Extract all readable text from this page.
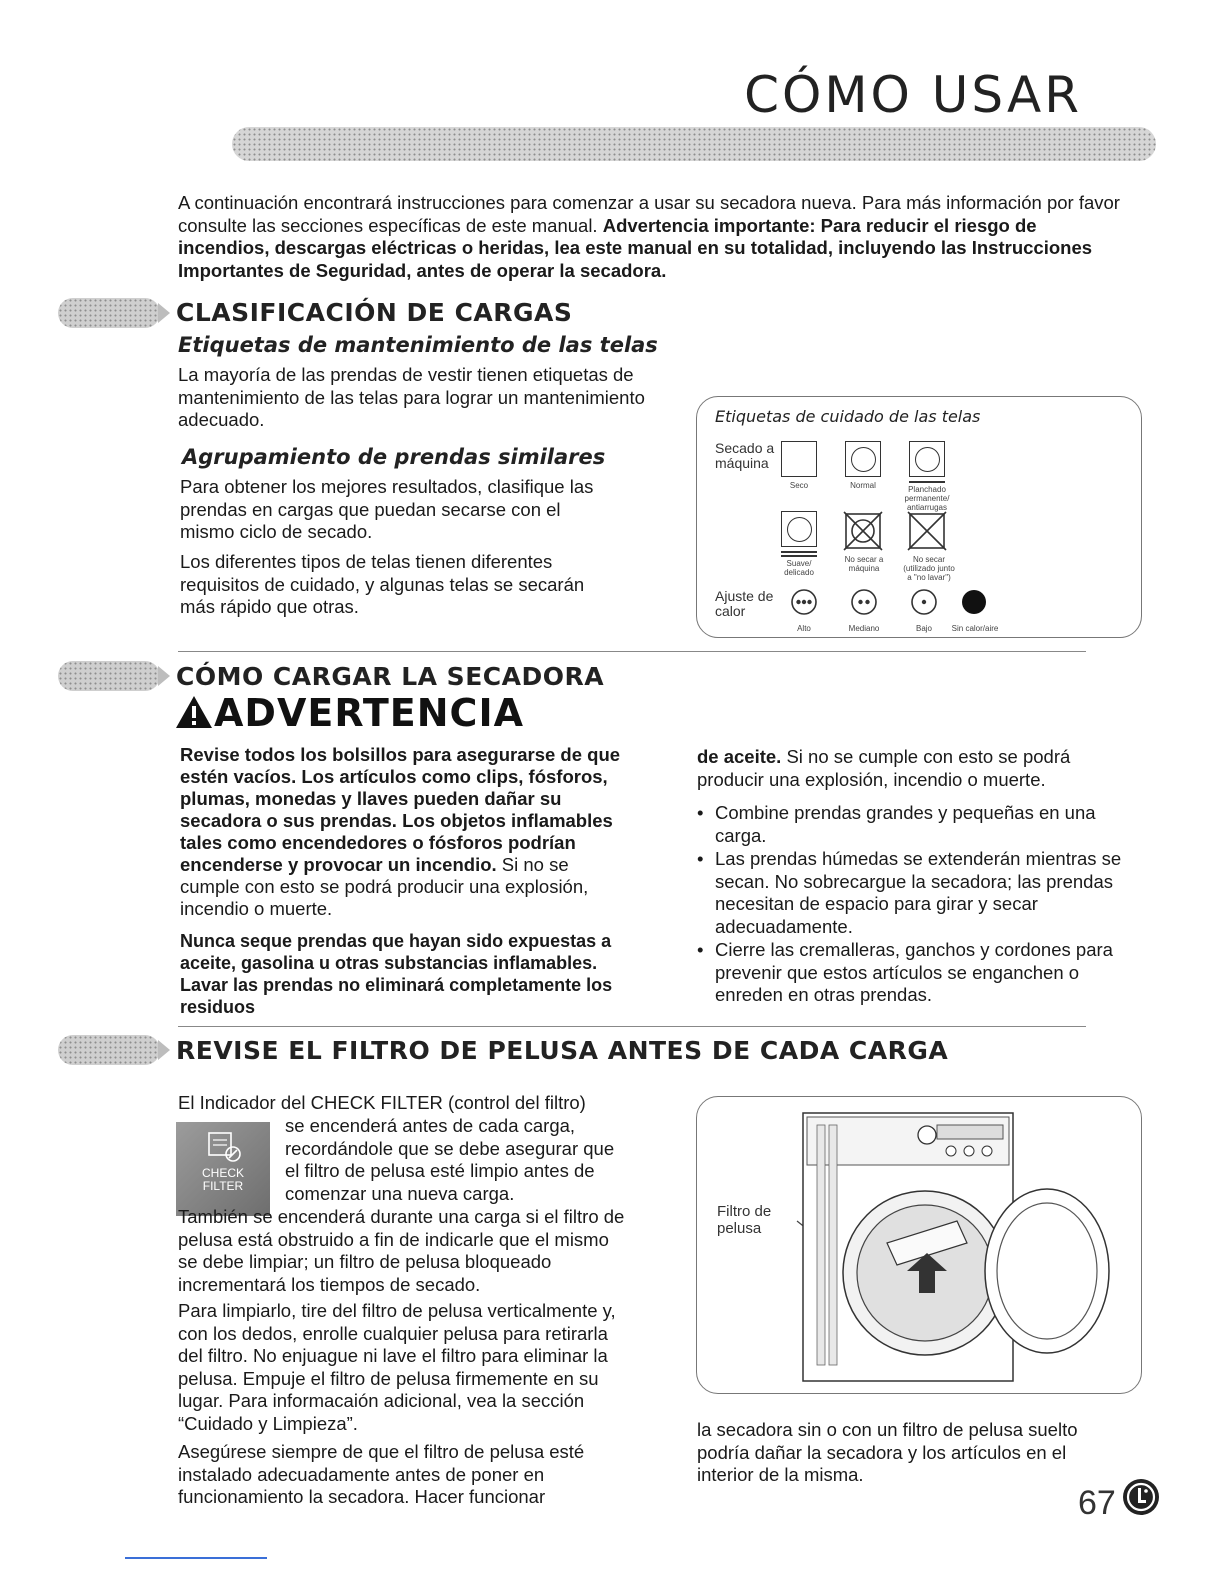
CÓMO USAR
A continuación encontrará instrucciones para comenzar a usar su secadora nueva. Para más información por favor consulte las secciones específicas de este manual. Advertencia importante: Para reducir el riesgo de incendios, descargas eléctricas o heridas, lea este manual en su totalidad, incluyendo las Instrucciones Importantes de Seguridad, antes de operar la secadora.
CLASIFICACIÓN DE CARGAS
Etiquetas de mantenimiento de las telas
La mayoría de las prendas de vestir tienen etiquetas de mantenimiento de las telas para lograr un mantenimiento adecuado.
Agrupamiento de prendas similares
Para obtener los mejores resultados, clasifique las prendas en cargas que puedan secarse con el mismo ciclo de secado.
Los diferentes tipos de telas tienen diferentes requisitos de cuidado, y algunas telas se secarán más rápido que otras.
Etiquetas de cuidado de las telas
Secado a máquina
Seco	Normal	Planchado permanente/ antiarrugas
Suave/ delicado
No secar a máquina
No secar (utilizado junto a "no lavar")
Ajuste de calor
Alto	Mediano	Bajo	Sin calor/aire
CÓMO CARGAR LA SECADORA
ADVERTENCIA
Revise todos los bolsillos para asegurarse de que estén vacíos. Los artículos como clips, fósforos, plumas, monedas y llaves pueden dañar su secadora o sus prendas. Los objetos inflamables tales como encendedores o fósforos podrían encenderse y provocar un incendio. Si no se cumple con esto se podrá producir una explosión, incendio o muerte.
Nunca seque prendas que hayan sido expuestas a aceite, gasolina u otras substancias inflamables. Lavar las prendas no eliminará completamente los residuos
de aceite. Si no se cumple con esto se podrá producir una explosión, incendio o muerte.
• Combine prendas grandes y pequeñas en una carga.
• Las prendas húmedas se extenderán mientras se secan. No sobrecargue la secadora; las prendas necesitan de espacio para girar y secar adecuadamente.
• Cierre las cremalleras, ganchos y cordones para prevenir que estos artículos se enganchen o enreden en otras prendas.
REVISE EL FILTRO DE PELUSA ANTES DE CADA CARGA
El Indicador del CHECK FILTER (control del filtro)
CHECK FILTER
se encenderá antes de cada carga, recordándole que se debe asegurar que el filtro de pelusa esté limpio antes de comenzar una nueva carga.
También se encenderá durante una carga si el filtro de pelusa está obstruido a fin de indicarle que el mismo se debe limpiar; un filtro de pelusa bloqueado incrementará los tiempos de secado.
Para limpiarlo, tire del filtro de pelusa verticalmente y, con los dedos, enrolle cualquier pelusa para retirarla del filtro. No enjuague ni lave el filtro para eliminar la pelusa. Empuje el filtro de pelusa firmemente en su lugar. Para informacaión adicional, vea la sección “Cuidado y Limpieza”.
Asegúrese siempre de que el filtro de pelusa esté instalado adecuadamente antes de poner en funcionamiento la secadora. Hacer funcionar
Filtro de pelusa
la secadora sin o con un filtro de pelusa suelto podría dañar la secadora y los artículos en el interior de la misma.
67
